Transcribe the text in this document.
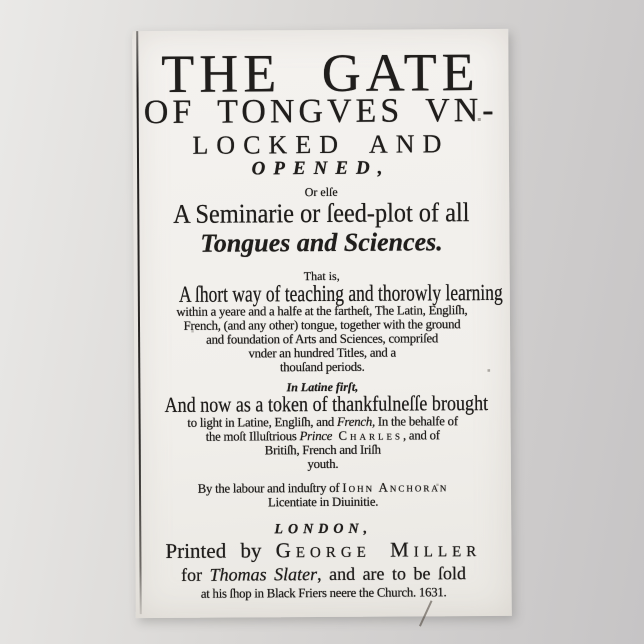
THE GATE
OF TONGVES VN-
LOCKED AND
OPENED,
Or elſe
A Seminarie or ſeed-plot of all
Tongues and Sciences.
That is,
A ſhort way of teaching and thorowly learning
within a yeare and a halfe at the fartheſt, The Latin, Engliſh,
French, (and any other) tongue, together with the ground
and foundation of Arts and Sciences, compriſed
vnder an hundred Titles, and a
thouſand periods.
In Latine firſt,
And now as a token of thankfulneſſe brought
to light in Latine, Engliſh, and French, In the behalfe of
the moſt Illuſtrious Prince Charles, and of
Britiſh, French and Iriſh
youth.
By the labour and induſtry of Iohn Anchoran
Licentiate in Diuinitie.
LONDON,
Printed by George Miller
for Thomas Slater, and are to be ſold
at his ſhop in Black Friers neere the Church. 1631.
